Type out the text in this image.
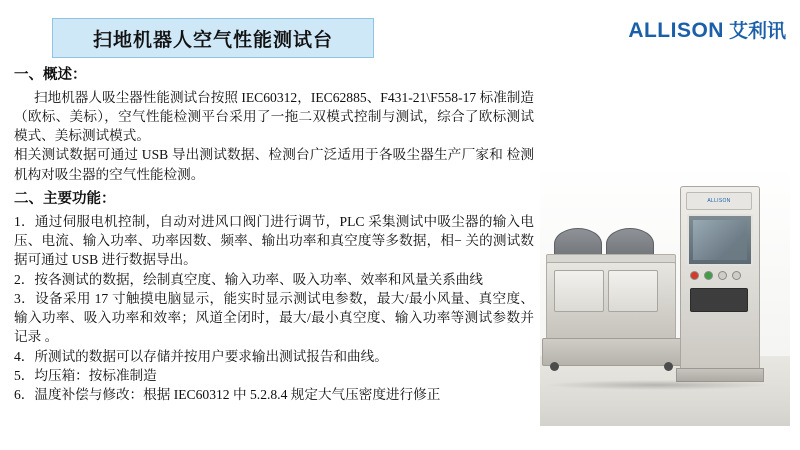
扫地机器人空气性能测试台	ALLISON 艾利讯

一、概述：

扫地机器人吸尘器性能测试台按照 IEC60312，IEC62885、F431-21\F558-17 标准制造（欧标、美标），空气性能检测平台采用了一拖二双模式控制与测试，综合了欧标测试模式、美标测试模式。

相关测试数据可通过 USB 导出测试数据、检测台广泛适用于各吸尘器生产厂家和 检测机构对吸尘器的空气性能检测。

二、主要功能：

1．通过伺服电机控制，自动对进风口阀门进行调节，PLC 采集测试中吸尘器的输入电压、电流、输入功率、功率因数、频率、输出功率和真空度等多数据，相− 关的测试数据可通过 USB 进行数据导出。

2．按各测试的数据，绘制真空度、输入功率、吸入功率、效率和风量关系曲线

3．设备采用 17 寸触摸电脑显示，能实时显示测试电参数，最大/最小风量、真空度、输入功率、吸入功率和效率；风道全闭时，最大/最小真空度、输入功率等测试参数并记录 。

4．所测试的数据可以存储并按用户要求输出测试报告和曲线。

5．均压箱：按标准制造

6．温度补偿与修改：根据 IEC60312 中 5.2.8.4 规定大气压密度进行修正

ALLISON
